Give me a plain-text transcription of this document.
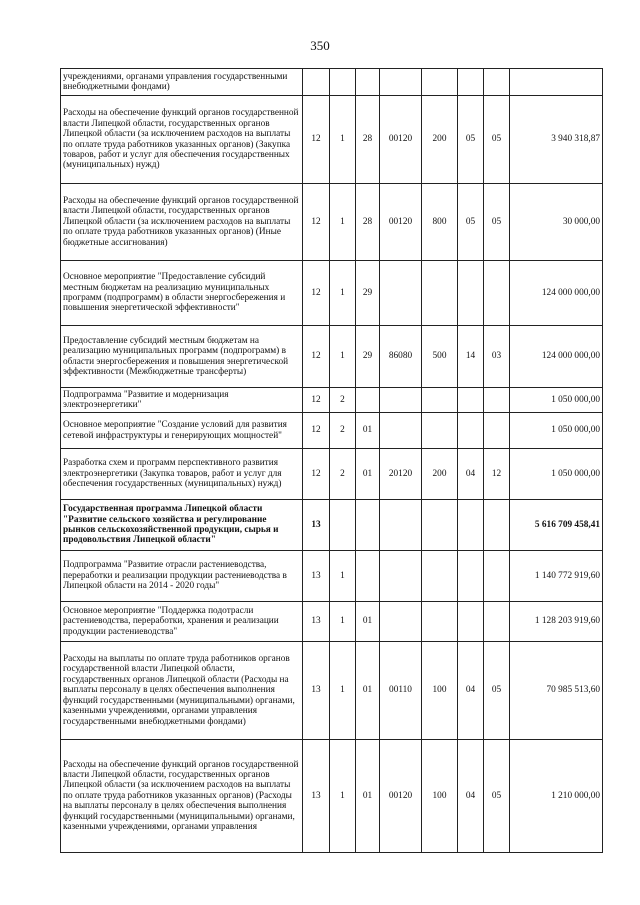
350
учреждениями, органами управления государственными внебюджетными фондами)								
Расходы на обеспечение функций органов государственной власти Липецкой области, государственных органов Липецкой области (за исключением расходов на выплаты по оплате труда работников указанных органов) (Закупка товаров, работ и услуг для обеспечения государственных (муниципальных) нужд)	12	1	28	00120	200	05	05	3 940 318,87
Расходы на обеспечение функций органов государственной власти Липецкой области, государственных органов Липецкой области (за исключением расходов на выплаты по оплате труда работников указанных органов) (Иные бюджетные ассигнования)	12	1	28	00120	800	05	05	30 000,00
Основное мероприятие "Предоставление субсидий местным бюджетам на реализацию муниципальных программ (подпрограмм) в области энергосбережения и повышения энергетической эффективности"	12	1	29					124 000 000,00
Предоставление субсидий местным бюджетам на реализацию муниципальных программ (подпрограмм) в области энергосбережения и повышения энергетической эффективности (Межбюджетные трансферты)	12	1	29	86080	500	14	03	124 000 000,00
Подпрограмма "Развитие и модернизация электроэнергетики"	12	2						1 050 000,00
Основное мероприятие "Создание условий для развития сетевой инфраструктуры и генерирующих мощностей"	12	2	01					1 050 000,00
Разработка схем и программ перспективного развития электроэнергетики (Закупка товаров, работ и услуг для обеспечения государственных (муниципальных) нужд)	12	2	01	20120	200	04	12	1 050 000,00
Государственная программа Липецкой области "Развитие сельского хозяйства и регулирование рынков сельскохозяйственной продукции, сырья и продовольствия Липецкой области"	13							5 616 709 458,41
Подпрограмма "Развитие отрасли растениеводства, переработки и реализации продукции растениеводства в Липецкой области на 2014 - 2020 годы"	13	1						1 140 772 919,60
Основное мероприятие "Поддержка подотрасли растениеводства, переработки, хранения и реализации продукции растениеводства"	13	1	01					1 128 203 919,60
Расходы на выплаты по оплате труда работников органов государственной власти Липецкой области, государственных органов Липецкой области (Расходы на выплаты персоналу в целях обеспечения выполнения функций государственными (муниципальными) органами, казенными учреждениями, органами управления государственными внебюджетными фондами)	13	1	01	00110	100	04	05	70 985 513,60
Расходы на обеспечение функций органов государственной власти Липецкой области, государственных органов Липецкой области (за исключением расходов на выплаты по оплате труда работников указанных органов) (Расходы на выплаты персоналу в целях обеспечения выполнения функций государственными (муниципальными) органами, казенными учреждениями, органами управления	13	1	01	00120	100	04	05	1 210 000,00
